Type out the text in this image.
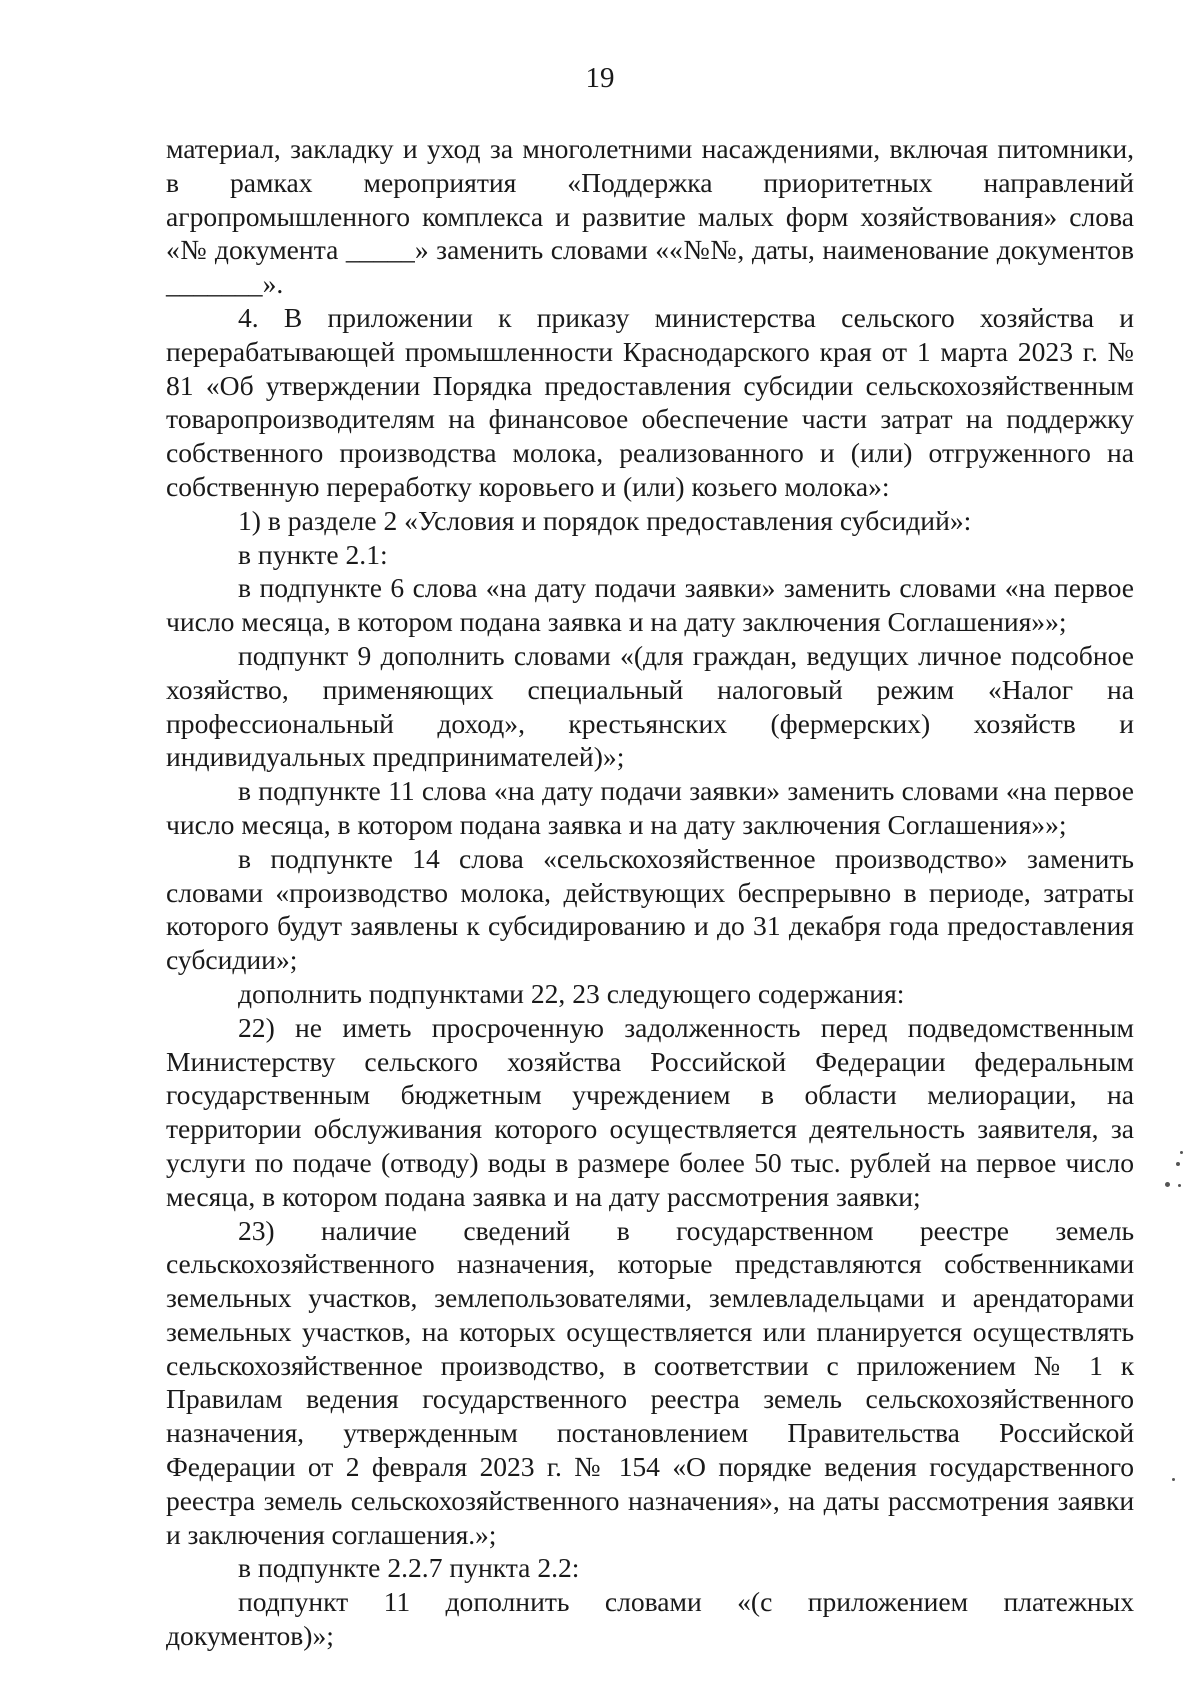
19

материал, закладку и уход за многолетними насаждениями, включая питомники, в рамках мероприятия «Поддержка приоритетных направлений агропромышленного комплекса и развитие малых форм хозяйствования» слова «№ документа _____» заменить словами ««№№, даты, наименование документов _______».

4. В приложении к приказу министерства сельского хозяйства и перерабатывающей промышленности Краснодарского края от 1 марта 2023 г. № 81 «Об утверждении Порядка предоставления субсидии сельскохозяйственным товаропроизводителям на финансовое обеспечение части затрат на поддержку собственного производства молока, реализованного и (или) отгруженного на собственную переработку коровьего и (или) козьего молока»:

1) в разделе 2 «Условия и порядок предоставления субсидий»:

в пункте 2.1:

в подпункте 6 слова «на дату подачи заявки» заменить словами «на первое число месяца, в котором подана заявка и на дату заключения Соглашения»»;

подпункт 9 дополнить словами «(для граждан, ведущих личное подсобное хозяйство, применяющих специальный налоговый режим «Налог на профессиональный доход», крестьянских (фермерских) хозяйств и индивидуальных предпринимателей)»;

в подпункте 11 слова «на дату подачи заявки» заменить словами «на первое число месяца, в котором подана заявка и на дату заключения Соглашения»»;

в подпункте 14 слова «сельскохозяйственное производство» заменить словами «производство молока, действующих беспрерывно в периоде, затраты которого будут заявлены к субсидированию и до 31 декабря года предоставления субсидии»;

дополнить подпунктами 22, 23 следующего содержания:

22) не иметь просроченную задолженность перед подведомственным Министерству сельского хозяйства Российской Федерации федеральным государственным бюджетным учреждением в области мелиорации, на территории обслуживания которого осуществляется деятельность заявителя, за услуги по подаче (отводу) воды в размере более 50 тыс. рублей на первое число месяца, в котором подана заявка и на дату рассмотрения заявки;

23) наличие сведений в государственном реестре земель сельскохозяйственного назначения, которые представляются собственниками земельных участков, землепользователями, землевладельцами и арендаторами земельных участков, на которых осуществляется или планируется осуществлять сельскохозяйственное производство, в соответствии с приложением № 1 к Правилам ведения государственного реестра земель сельскохозяйственного назначения, утвержденным постановлением Правительства Российской Федерации от 2 февраля 2023 г. № 154 «О порядке ведения государственного реестра земель сельскохозяйственного назначения», на даты рассмотрения заявки и заключения соглашения.»;

в подпункте 2.2.7 пункта 2.2:

подпункт 11 дополнить словами «(с приложением платежных документов)»;
